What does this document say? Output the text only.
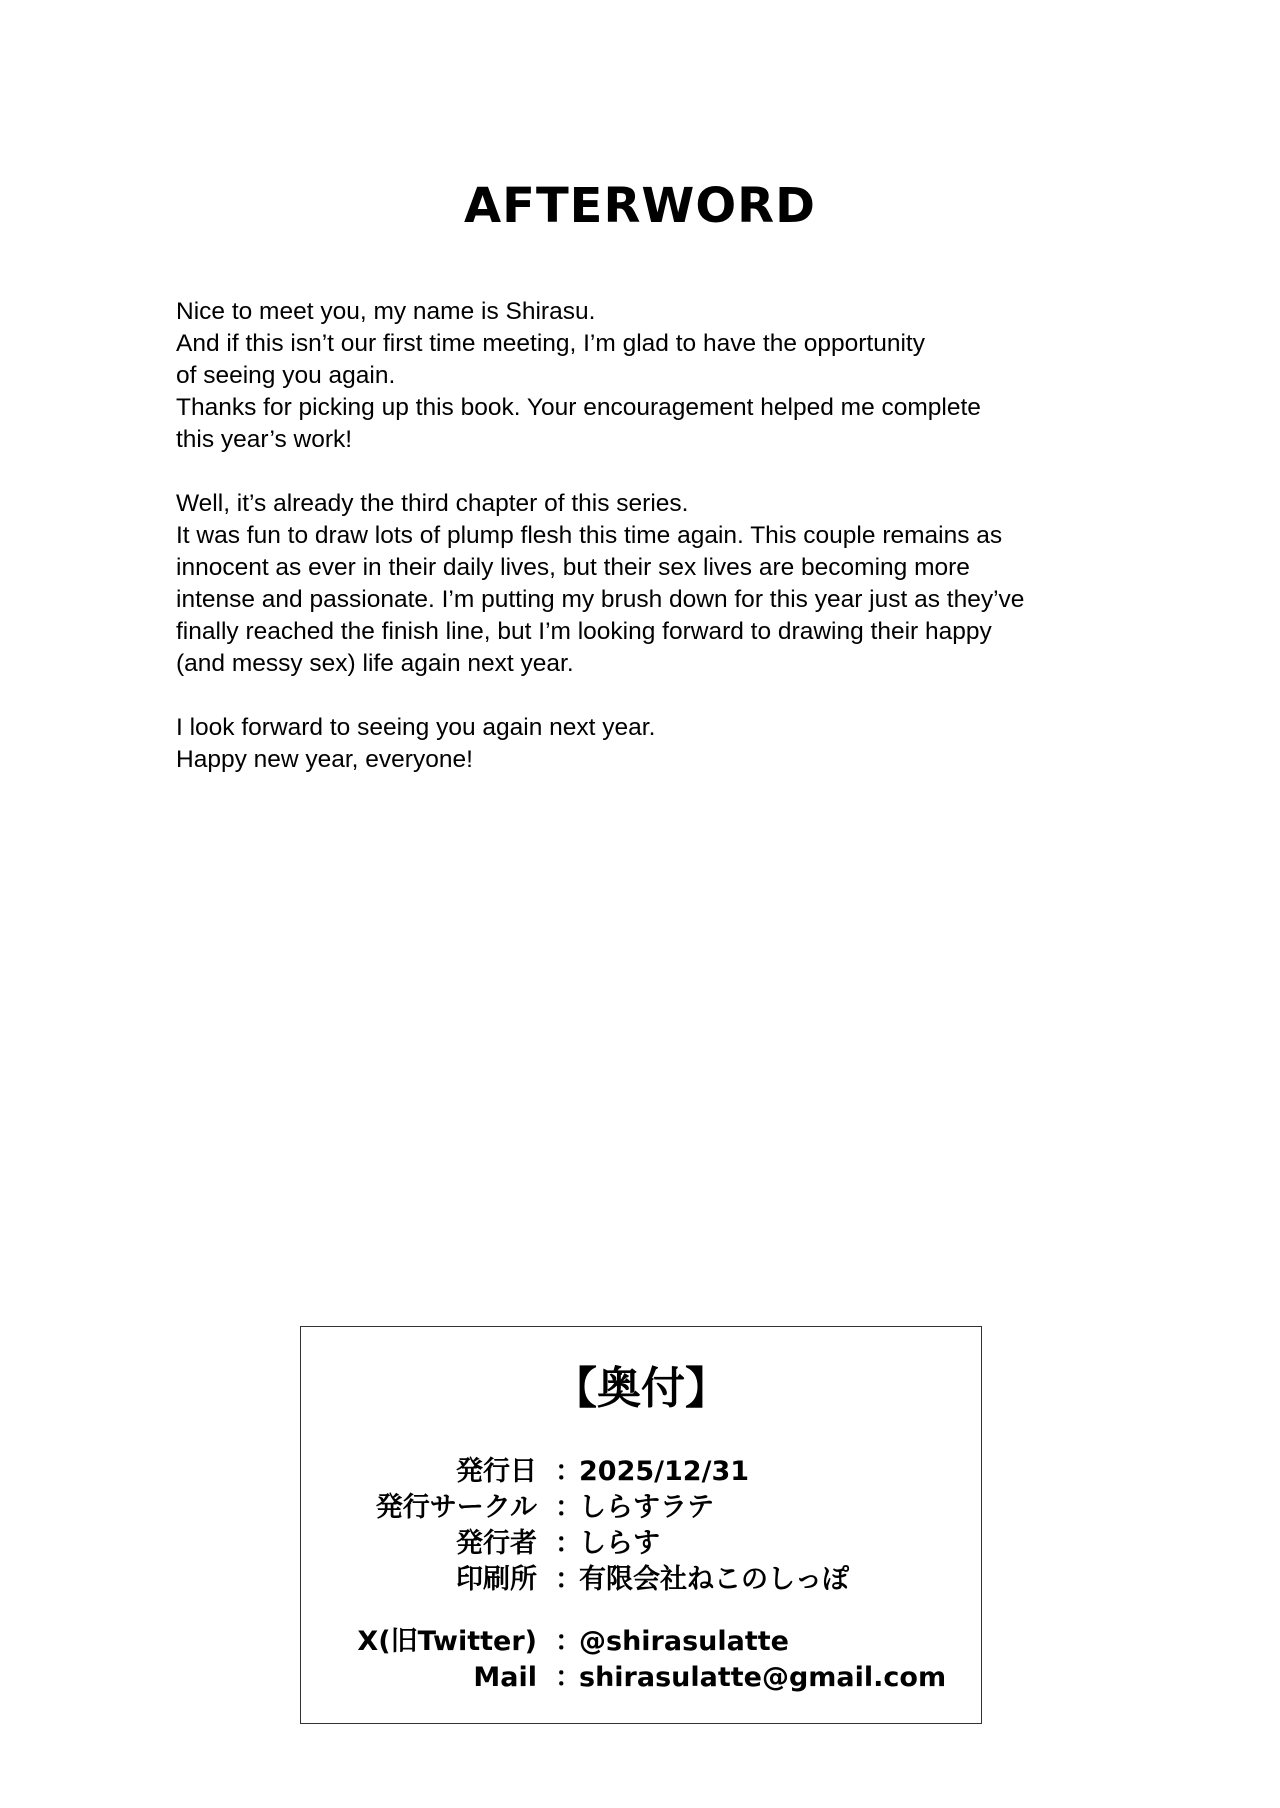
AFTERWORD

Nice to meet you, my name is Shirasu.
And if this isn’t our first time meeting, I’m glad to have the opportunity
of seeing you again.
Thanks for picking up this book. Your encouragement helped me complete
this year’s work!

Well, it’s already the third chapter of this series.
It was fun to draw lots of plump flesh this time again. This couple remains as
innocent as ever in their daily lives, but their sex lives are becoming more
intense and passionate. I’m putting my brush down for this year just as they’ve
finally reached the finish line, but I’m looking forward to drawing their happy
(and messy sex) life again next year.

I look forward to seeing you again next year.
Happy new year, everyone!

【奥付】
発行日 ：
2025/12/31
発行サークル ：
しらすラテ
発行者 ：
しらす
印刷所 ：
有限会社ねこのしっぽ
X(旧Twitter) ：
@shirasulatte
Mail ：
shirasulatte@gmail.com
